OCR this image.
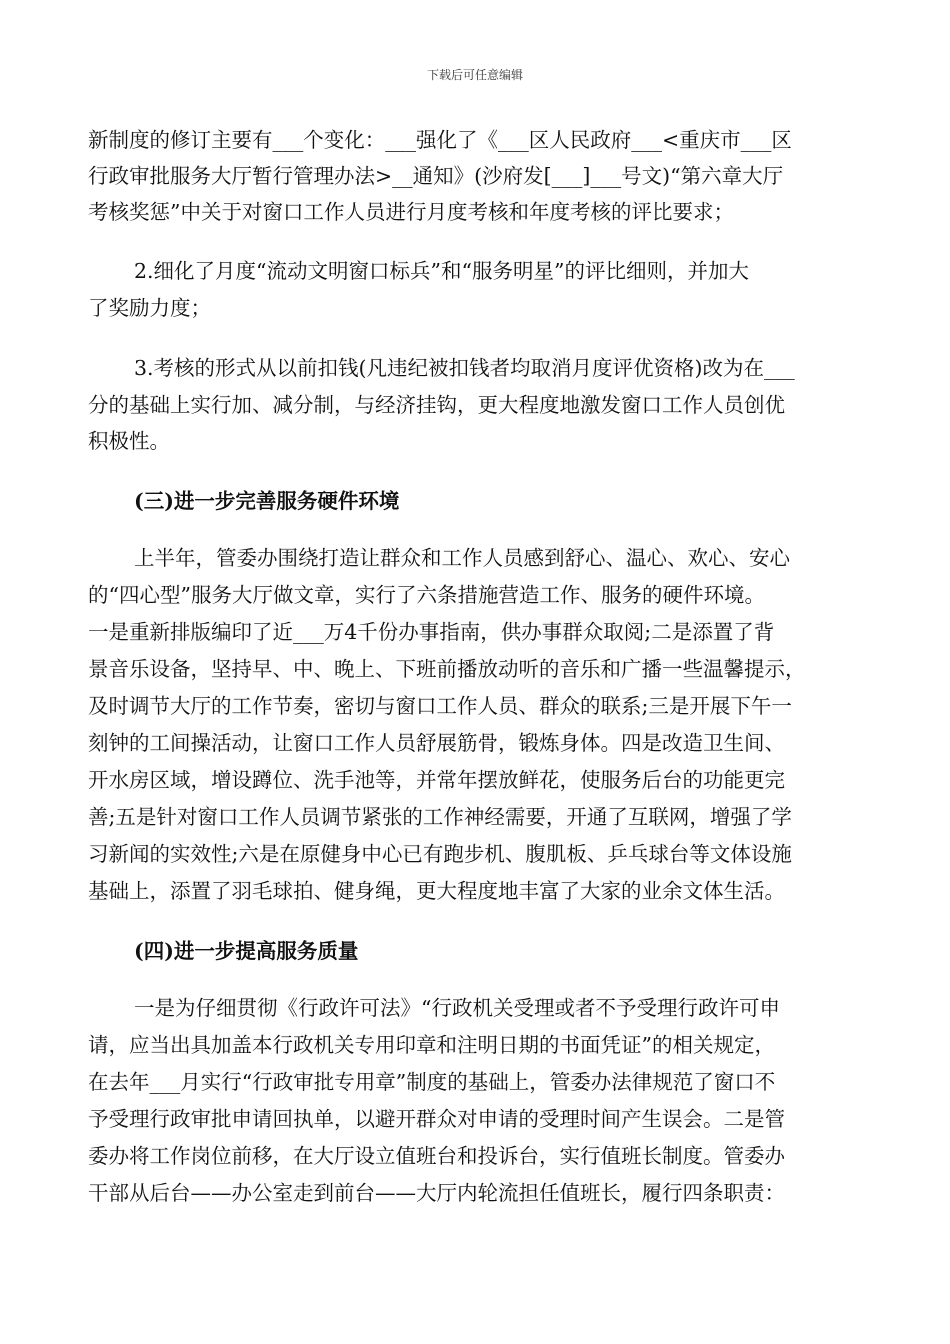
下载后可任意编辑
新制度的修订主要有___个变化：___强化了《___区人民政府___<重庆市___区
行政审批服务大厅暂行管理办法>__通知》(沙府发[___]___号文)“第六章大厅
考核奖惩”中关于对窗口工作人员进行月度考核和年度考核的评比要求；
2.细化了月度“流动文明窗口标兵”和“服务明星”的评比细则，并加大
了奖励力度；
3.考核的形式从以前扣钱(凡违纪被扣钱者均取消月度评优资格)改为在___
分的基础上实行加、减分制，与经济挂钩，更大程度地激发窗口工作人员创优
积极性。
(三)进一步完善服务硬件环境
上半年，管委办围绕打造让群众和工作人员感到舒心、温心、欢心、安心
的“四心型”服务大厅做文章，实行了六条措施营造工作、服务的硬件环境。
一是重新排版编印了近___万4千份办事指南，供办事群众取阅;二是添置了背
景音乐设备，坚持早、中、晚上、下班前播放动听的音乐和广播一些温馨提示，
及时调节大厅的工作节奏，密切与窗口工作人员、群众的联系;三是开展下午一
刻钟的工间操活动，让窗口工作人员舒展筋骨，锻炼身体。四是改造卫生间、
开水房区域，增设蹲位、洗手池等，并常年摆放鲜花，使服务后台的功能更完
善;五是针对窗口工作人员调节紧张的工作神经需要，开通了互联网，增强了学
习新闻的实效性;六是在原健身中心已有跑步机、腹肌板、乒乓球台等文体设施
基础上，添置了羽毛球拍、健身绳，更大程度地丰富了大家的业余文体生活。
(四)进一步提高服务质量
一是为仔细贯彻《行政许可法》“行政机关受理或者不予受理行政许可申
请，应当出具加盖本行政机关专用印章和注明日期的书面凭证”的相关规定，
在去年___月实行“行政审批专用章”制度的基础上，管委办法律规范了窗口不
予受理行政审批申请回执单，以避开群众对申请的受理时间产生误会。二是管
委办将工作岗位前移，在大厅设立值班台和投诉台，实行值班长制度。管委办
干部从后台——办公室走到前台——大厅内轮流担任值班长，履行四条职责：
